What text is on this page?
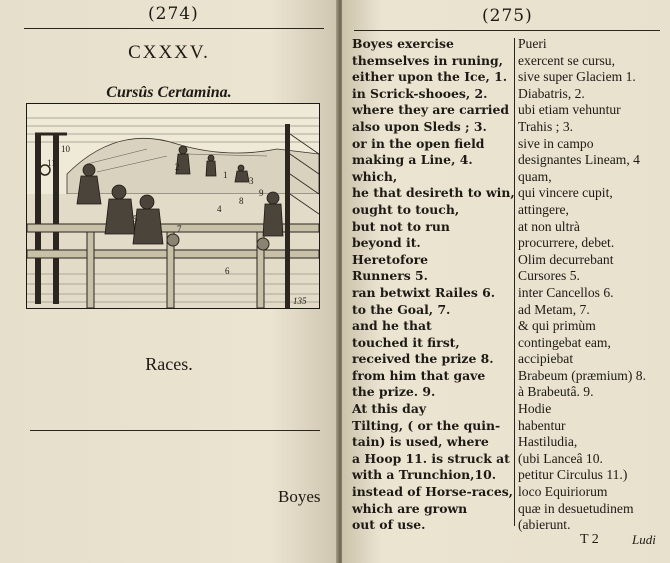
(274)
CXXXV.
Cursûs Certamina.
11
10
2
1
3
4
5
6
7
8
9
135
Races.
Boyes
(275)
Boyes exercise
themselves in runing,
either upon the Ice, 1.
in Scrick-shooes, 2.
where they are carried
also upon Sleds ; 3.
or in the open field
making a Line, 4.
which,
he that desireth to win,
ought to touch,
but not to run
beyond it.
Heretofore
Runners 5.
ran betwixt Railes 6.
to the Goal, 7.
and he that
touched it first,
received the prize 8.
from him that gave
the prize. 9.
At this day
Tilting, ( or the quin-
tain) is used, where
a Hoop 11. is struck at
with a Trunchion,10.
instead of Horse-races,
which are grown
out of use.
Pueri
exercent se cursu,
sive super Glaciem 1.
Diabatris, 2.
ubi etiam vehuntur
Trahis ; 3.
sive in campo
designantes Lineam, 4
quam,
qui vincere cupit,
attingere,
at non ultrà
procurrere, debet.
Olim decurrebant
Cursores 5.
inter Cancellos 6.
ad Metam, 7.
& qui primùm
contingebat eam,
accipiebat
Brabeum (præmium) 8.
à Brabeutâ. 9.
Hodie
habentur
Hastiludia,
(ubi Lanceâ 10.
petitur Circulus 11.)
loco Equiriorum
quæ in desuetudinem
(abierunt.
T 2	Ludi
